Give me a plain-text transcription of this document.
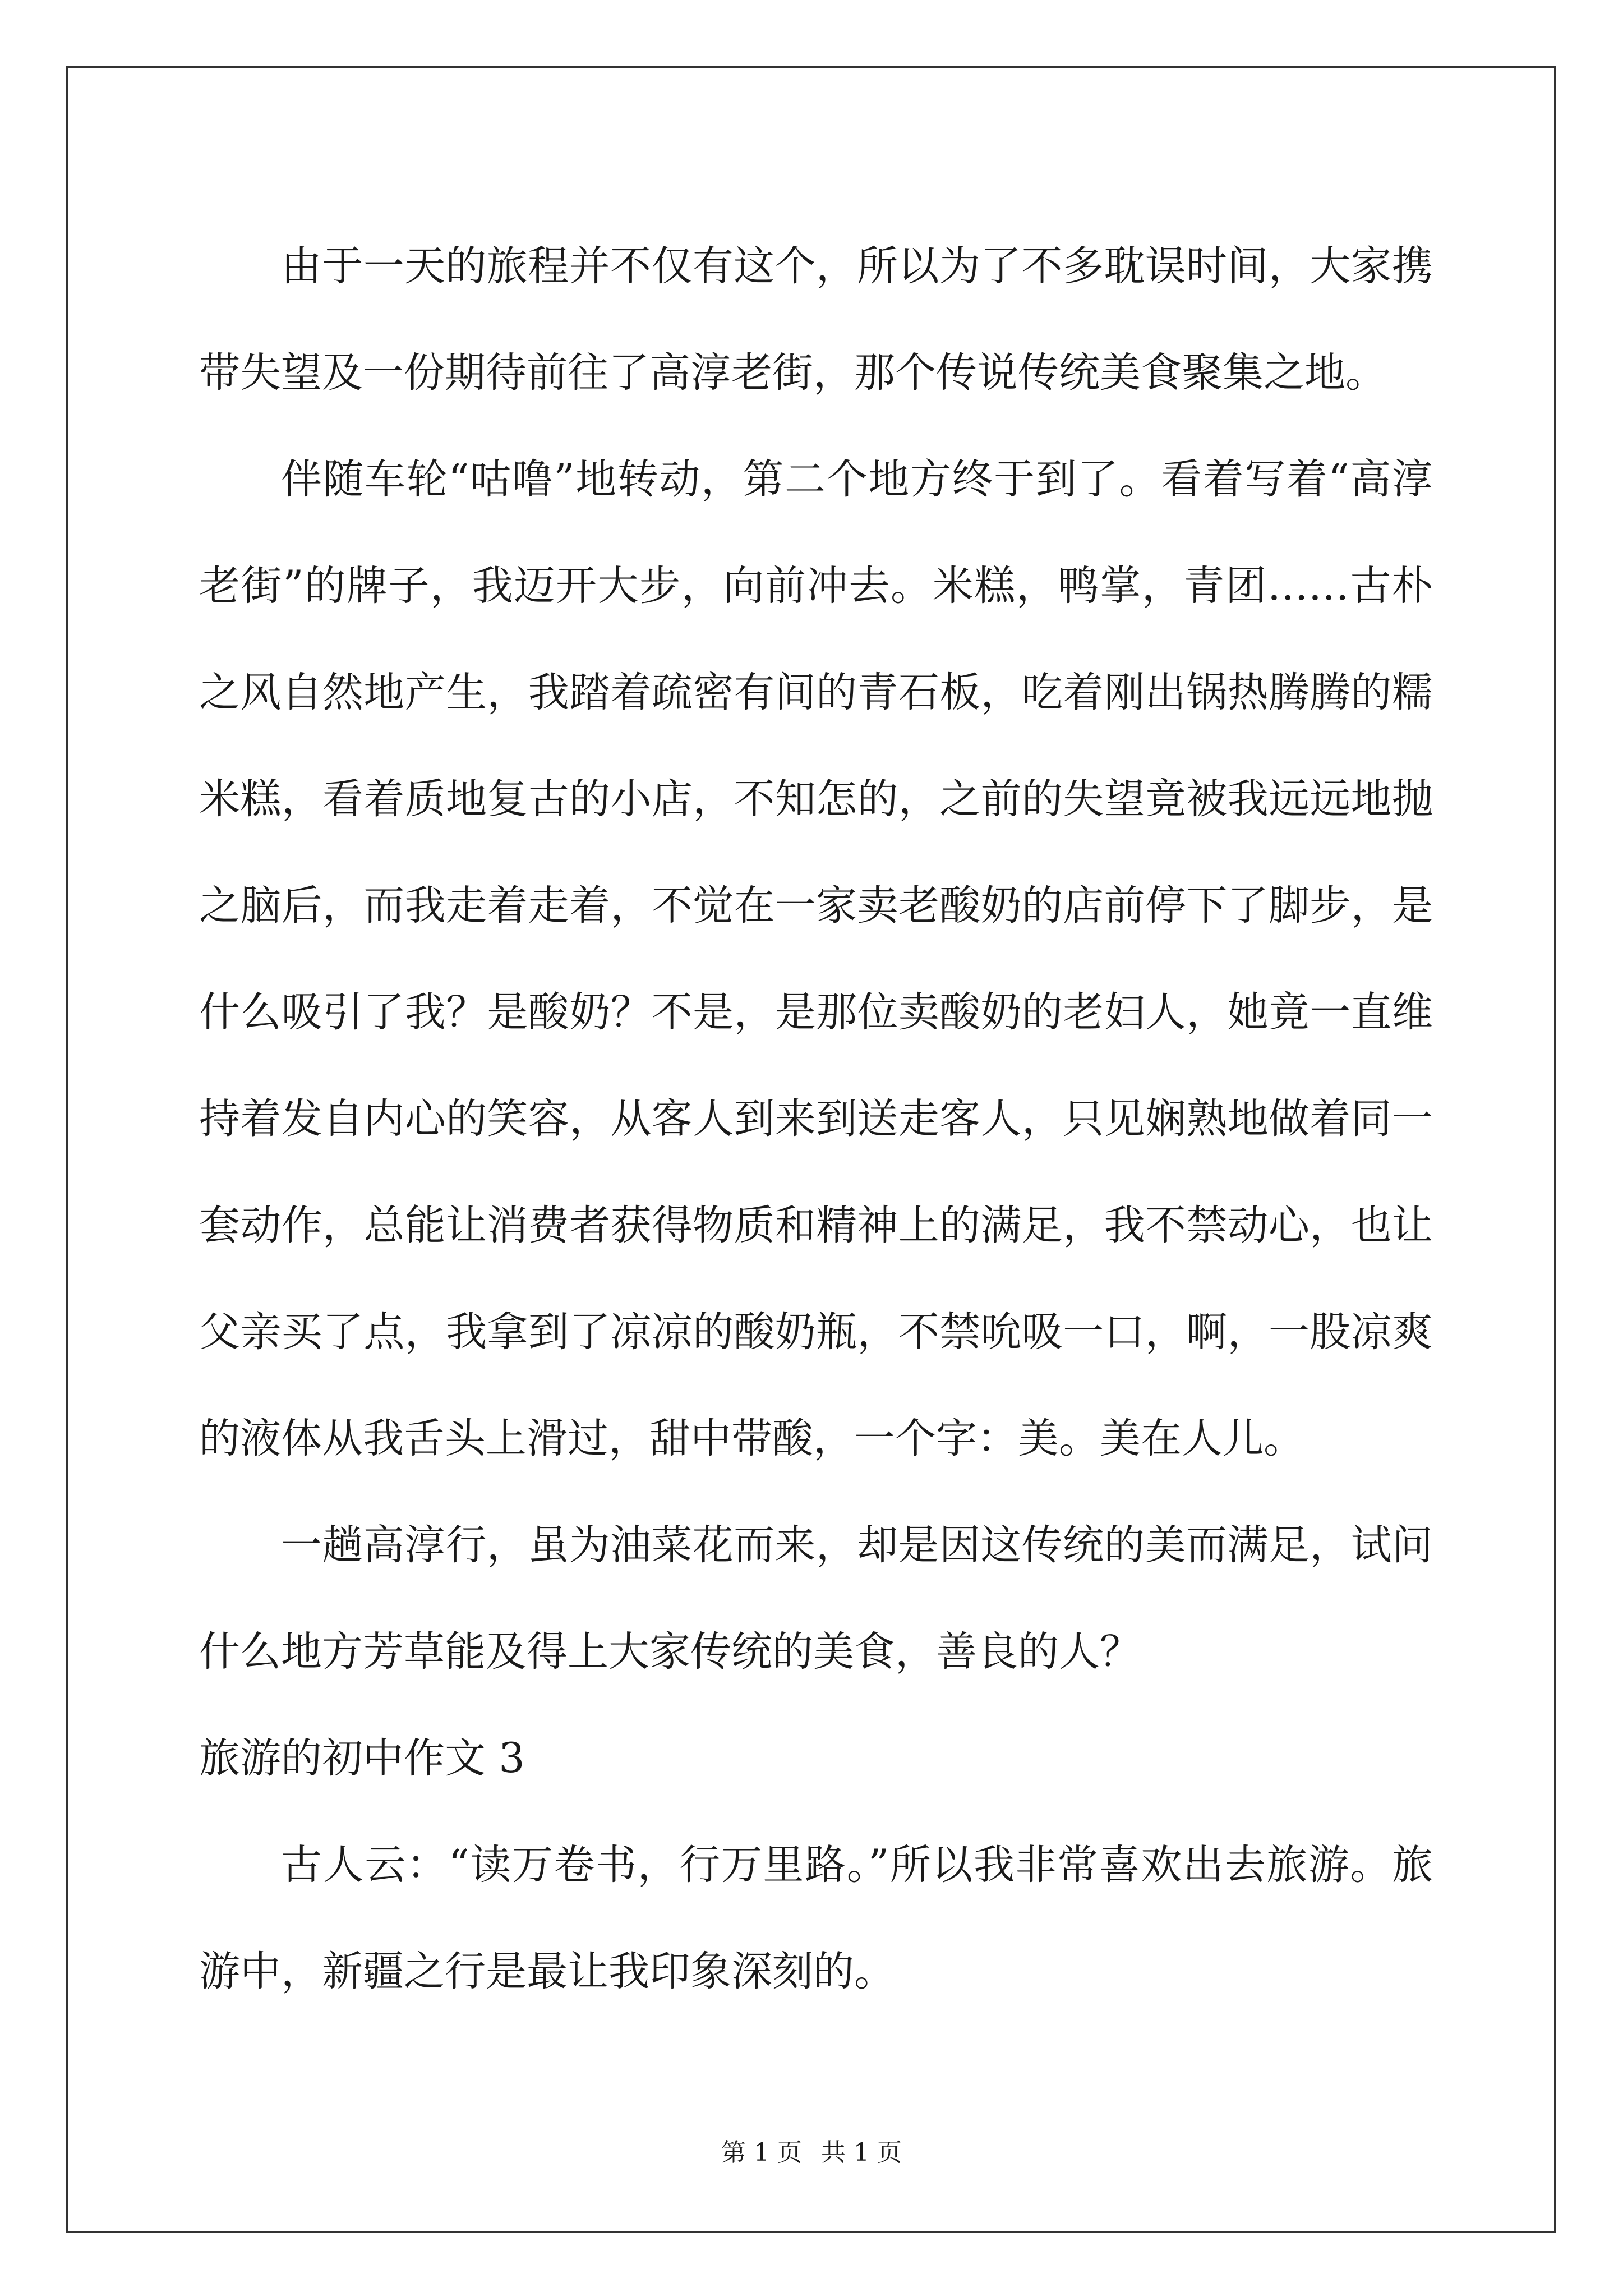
由于一天的旅程并不仅有这个，所以为了不多耽误时间，大家携带失望及一份期待前往了高淳老街，那个传说传统美食聚集之地。

伴随车轮“咕噜”地转动，第二个地方终于到了。看着写着“高淳老街”的牌子，我迈开大步，向前冲去。米糕，鸭掌，青团……古朴之风自然地产生，我踏着疏密有间的青石板，吃着刚出锅热腾腾的糯米糕，看着质地复古的小店，不知怎的，之前的失望竟被我远远地抛之脑后，而我走着走着，不觉在一家卖老酸奶的店前停下了脚步，是什么吸引了我？是酸奶？不是，是那位卖酸奶的老妇人，她竟一直维持着发自内心的笑容，从客人到来到送走客人，只见娴熟地做着同一套动作，总能让消费者获得物质和精神上的满足，我不禁动心，也让父亲买了点，我拿到了凉凉的酸奶瓶，不禁吮吸一口，啊，一股凉爽的液体从我舌头上滑过，甜中带酸，一个字：美。美在人儿。

一趟高淳行，虽为油菜花而来，却是因这传统的美而满足，试问什么地方芳草能及得上大家传统的美食，善良的人？

旅游的初中作文 3

古人云：“读万卷书，行万里路。”所以我非常喜欢出去旅游。旅游中，新疆之行是最让我印象深刻的。

第 1 页 共 1 页
